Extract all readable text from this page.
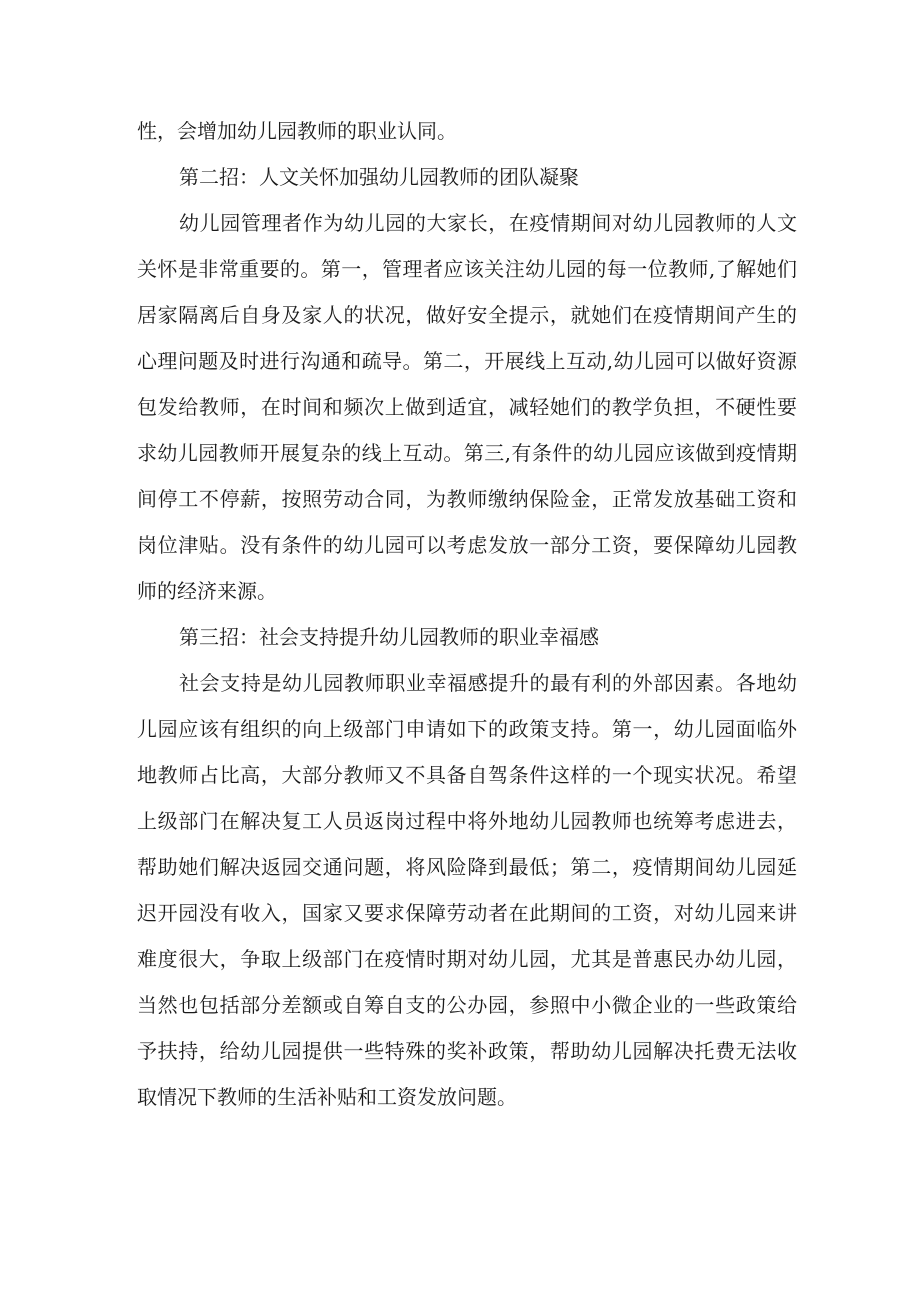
性，会增加幼儿园教师的职业认同。

第二招：人文关怀加强幼儿园教师的团队凝聚

幼儿园管理者作为幼儿园的大家长，在疫情期间对幼儿园教师的人文

关怀是非常重要的。第一，管理者应该关注幼儿园的每一位教师,了解她们

居家隔离后自身及家人的状况，做好安全提示，就她们在疫情期间产生的

心理问题及时进行沟通和疏导。第二，开展线上互动,幼儿园可以做好资源

包发给教师，在时间和频次上做到适宜，减轻她们的教学负担，不硬性要

求幼儿园教师开展复杂的线上互动。第三,有条件的幼儿园应该做到疫情期

间停工不停薪，按照劳动合同，为教师缴纳保险金，正常发放基础工资和

岗位津贴。没有条件的幼儿园可以考虑发放一部分工资，要保障幼儿园教

师的经济来源。

第三招：社会支持提升幼儿园教师的职业幸福感

社会支持是幼儿园教师职业幸福感提升的最有利的外部因素。各地幼

儿园应该有组织的向上级部门申请如下的政策支持。第一，幼儿园面临外

地教师占比高，大部分教师又不具备自驾条件这样的一个现实状况。希望

上级部门在解决复工人员返岗过程中将外地幼儿园教师也统筹考虑进去，

帮助她们解决返园交通问题，将风险降到最低；第二，疫情期间幼儿园延

迟开园没有收入，国家又要求保障劳动者在此期间的工资，对幼儿园来讲

难度很大，争取上级部门在疫情时期对幼儿园，尤其是普惠民办幼儿园，

当然也包括部分差额或自筹自支的公办园，参照中小微企业的一些政策给

予扶持，给幼儿园提供一些特殊的奖补政策，帮助幼儿园解决托费无法收

取情况下教师的生活补贴和工资发放问题。
